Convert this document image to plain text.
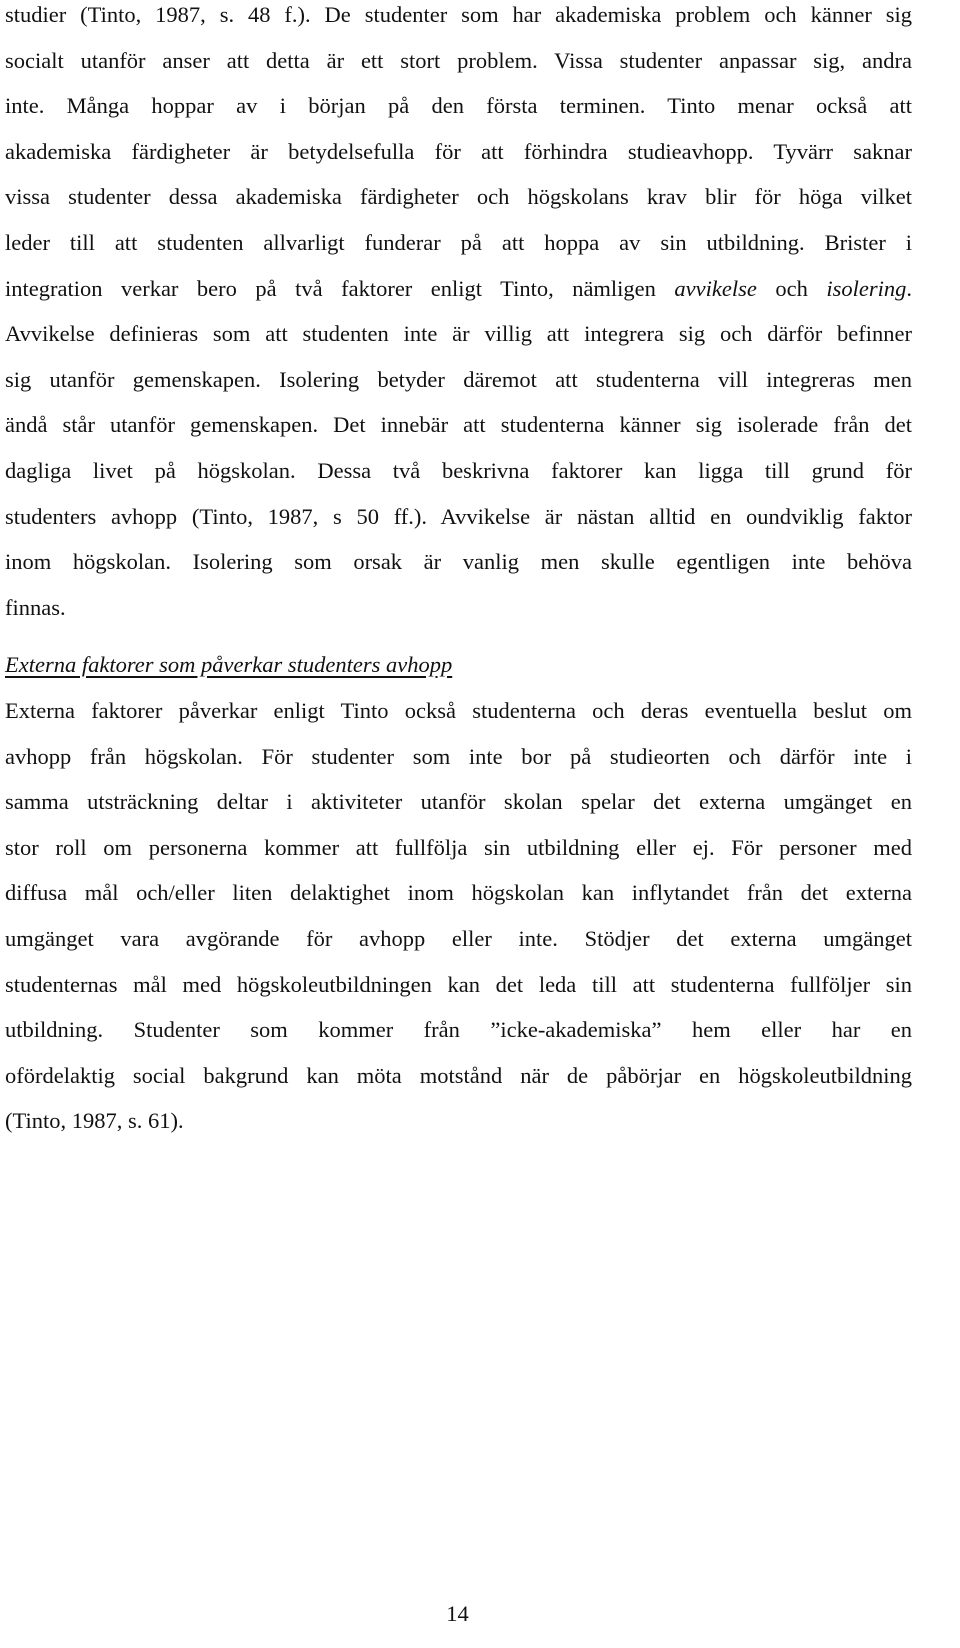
studier (Tinto, 1987, s. 48 f.). De studenter som har akademiska problem och känner sig
socialt utanför anser att detta är ett stort problem. Vissa studenter anpassar sig, andra
inte. Många hoppar av i början på den första terminen. Tinto menar också att
akademiska färdigheter är betydelsefulla för att förhindra studieavhopp. Tyvärr saknar
vissa studenter dessa akademiska färdigheter och högskolans krav blir för höga vilket
leder till att studenten allvarligt funderar på att hoppa av sin utbildning. Brister i
integration verkar bero på två faktorer enligt Tinto, nämligen avvikelse och isolering.
Avvikelse definieras som att studenten inte är villig att integrera sig och därför befinner
sig utanför gemenskapen. Isolering betyder däremot att studenterna vill integreras men
ändå står utanför gemenskapen. Det innebär att studenterna känner sig isolerade från det
dagliga livet på högskolan. Dessa två beskrivna faktorer kan ligga till grund för
studenters avhopp (Tinto, 1987, s 50 ff.). Avvikelse är nästan alltid en oundviklig faktor
inom högskolan. Isolering som orsak är vanlig men skulle egentligen inte behöva
finnas.

Externa faktorer som påverkar studenters avhopp

Externa faktorer påverkar enligt Tinto också studenterna och deras eventuella beslut om
avhopp från högskolan. För studenter som inte bor på studieorten och därför inte i
samma utsträckning deltar i aktiviteter utanför skolan spelar det externa umgänget en
stor roll om personerna kommer att fullfölja sin utbildning eller ej. För personer med
diffusa mål och/eller liten delaktighet inom högskolan kan inflytandet från det externa
umgänget vara avgörande för avhopp eller inte. Stödjer det externa umgänget
studenternas mål med högskoleutbildningen kan det leda till att studenterna fullföljer sin
utbildning. Studenter som kommer från ”icke-akademiska” hem eller har en
ofördelaktig social bakgrund kan möta motstånd när de påbörjar en högskoleutbildning
(Tinto, 1987, s. 61).

14
